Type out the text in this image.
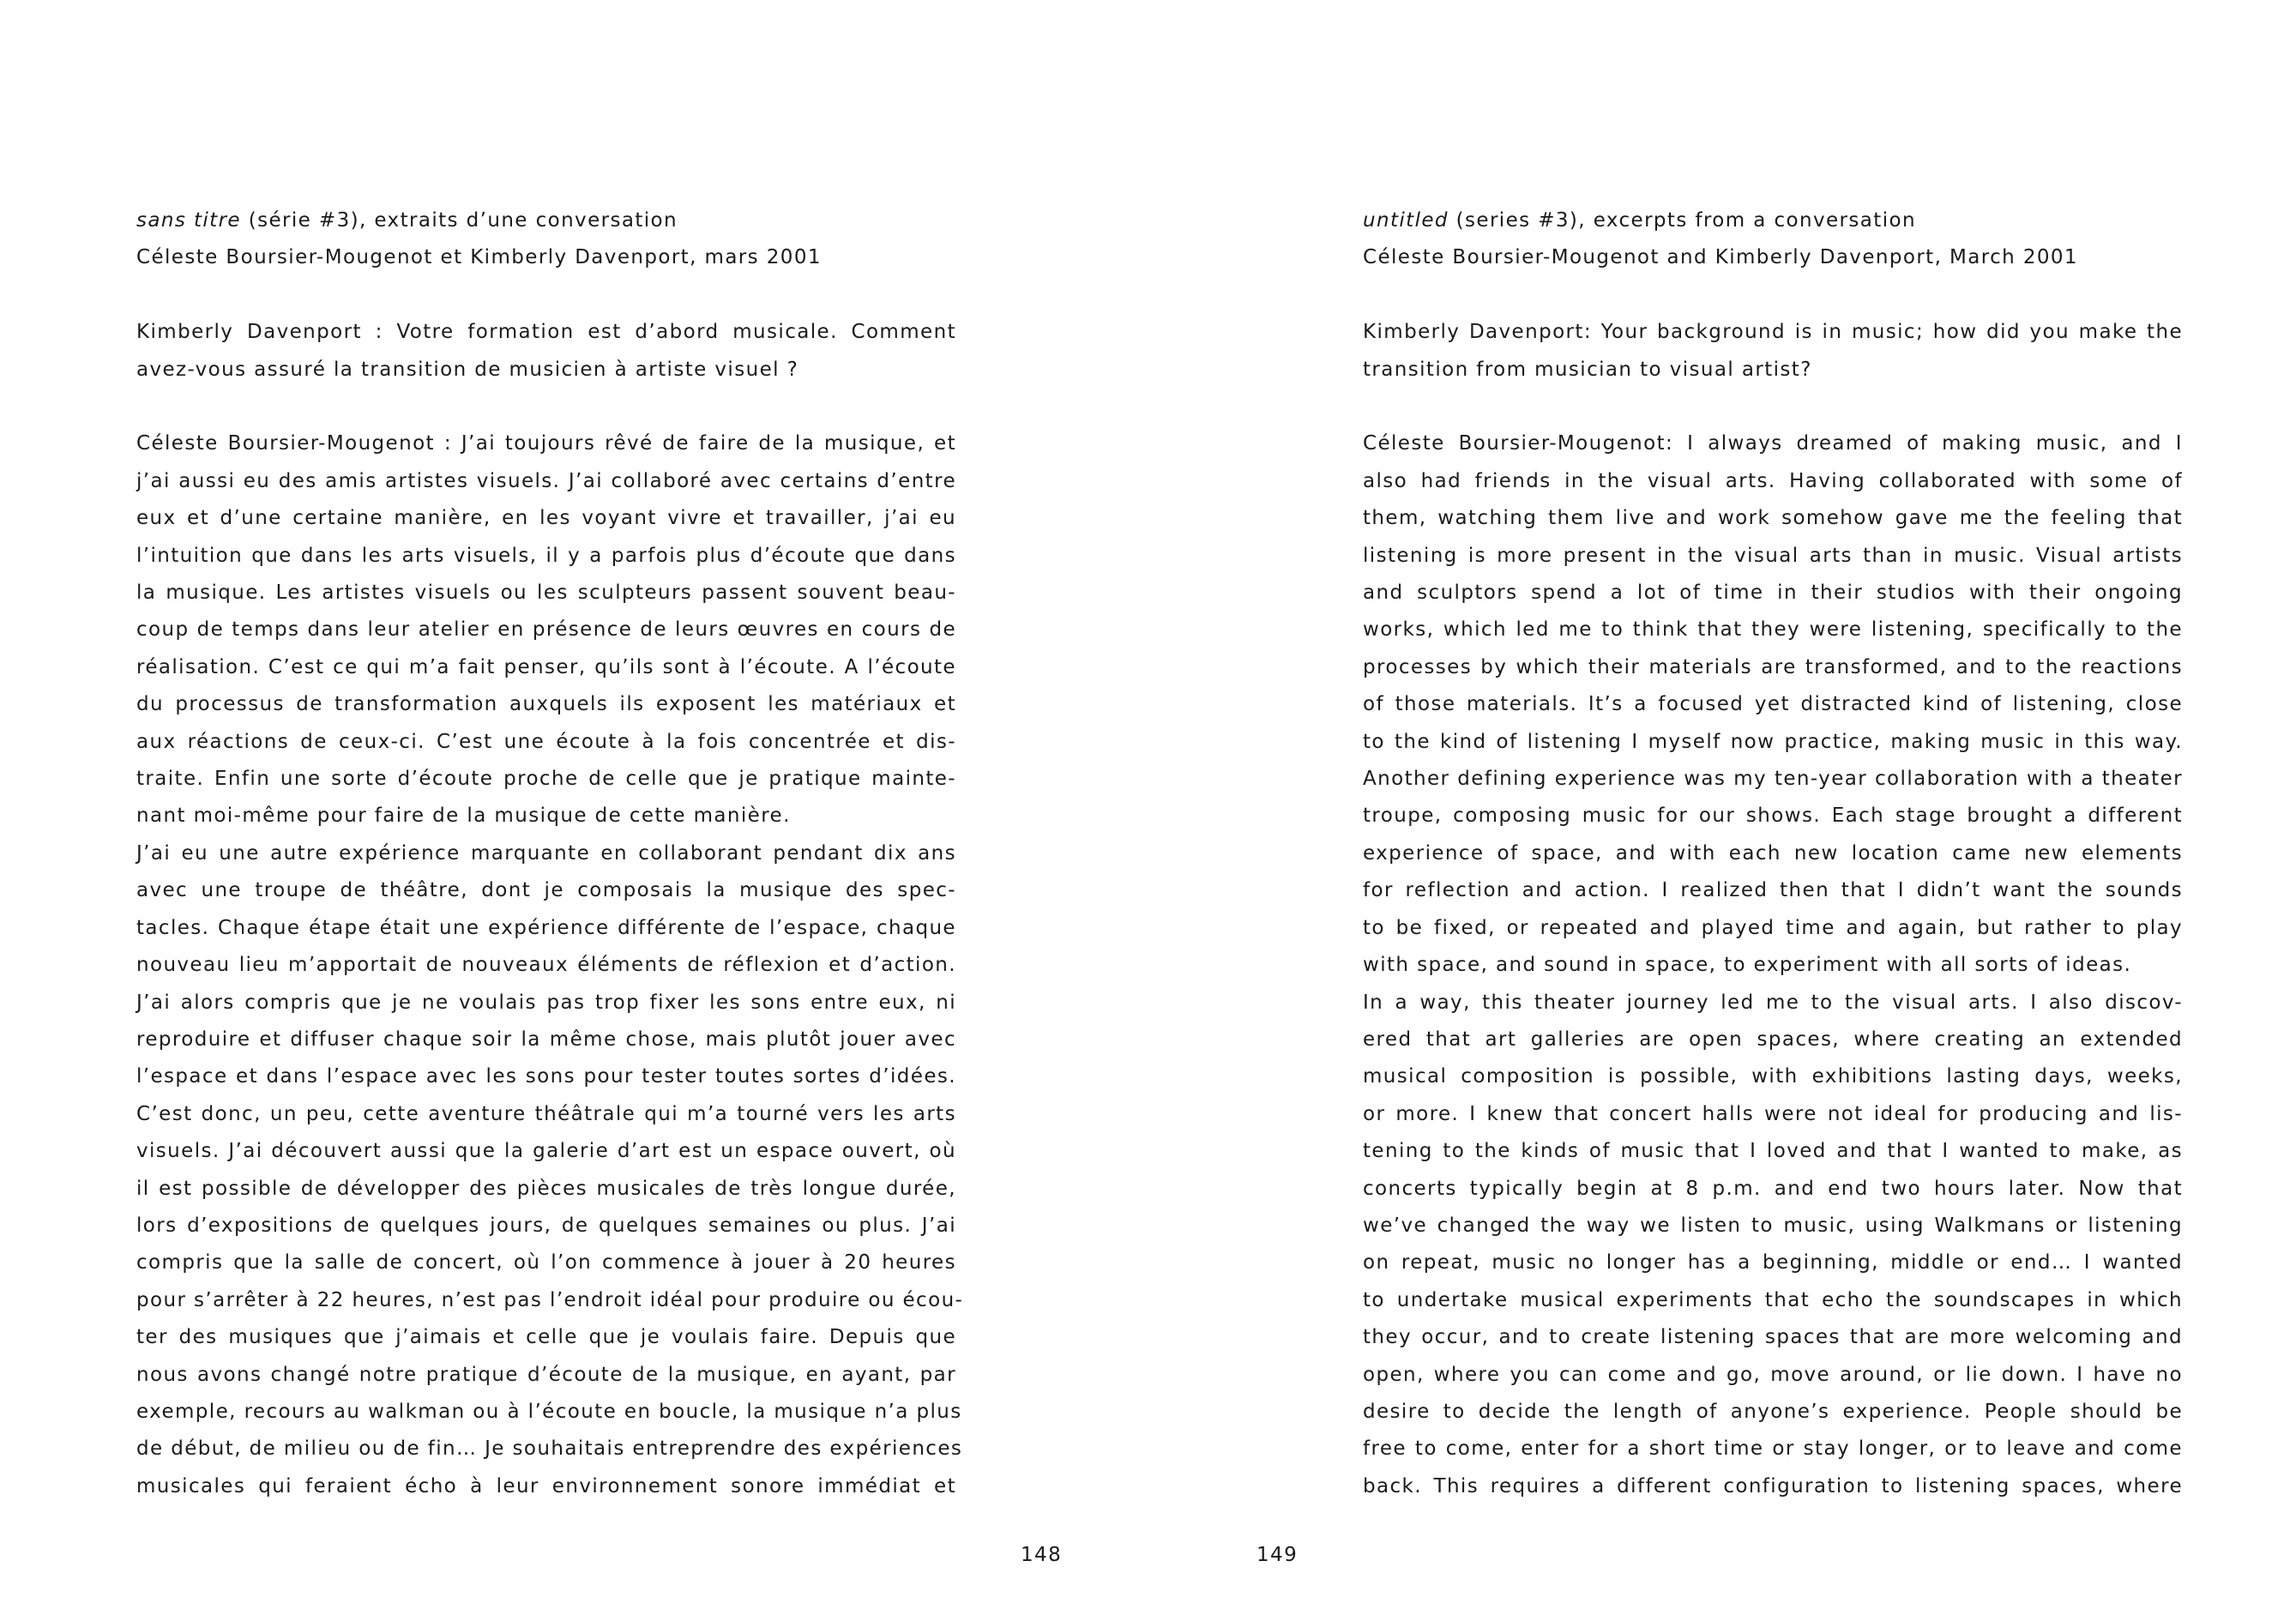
sans titre (série #3), extraits d’une conversation
Céleste Boursier-Mougenot et Kimberly Davenport, mars 2001
Kimberly Davenport : Votre formation est d’abord musicale. Comment
avez-vous assuré la transition de musicien à artiste visuel ?
Céleste Boursier-Mougenot : J’ai toujours rêvé de faire de la musique, et
j’ai aussi eu des amis artistes visuels. J’ai collaboré avec certains d’entre
eux et d’une certaine manière, en les voyant vivre et travailler, j’ai eu
l’intuition que dans les arts visuels, il y a parfois plus d’écoute que dans
la musique. Les artistes visuels ou les sculpteurs passent souvent beau-
coup de temps dans leur atelier en présence de leurs œuvres en cours de
réalisation. C’est ce qui m’a fait penser, qu’ils sont à l’écoute. A l’écoute
du processus de transformation auxquels ils exposent les matériaux et
aux réactions de ceux-ci. C’est une écoute à la fois concentrée et dis-
traite. Enfin une sorte d’écoute proche de celle que je pratique mainte-
nant moi-même pour faire de la musique de cette manière.
J’ai eu une autre expérience marquante en collaborant pendant dix ans
avec une troupe de théâtre, dont je composais la musique des spec-
tacles. Chaque étape était une expérience différente de l’espace, chaque
nouveau lieu m’apportait de nouveaux éléments de réflexion et d’action.
J’ai alors compris que je ne voulais pas trop fixer les sons entre eux, ni
reproduire et diffuser chaque soir la même chose, mais plutôt jouer avec
l’espace et dans l’espace avec les sons pour tester toutes sortes d’idées.
C’est donc, un peu, cette aventure théâtrale qui m’a tourné vers les arts
visuels. J’ai découvert aussi que la galerie d’art est un espace ouvert, où
il est possible de développer des pièces musicales de très longue durée,
lors d’expositions de quelques jours, de quelques semaines ou plus. J’ai
compris que la salle de concert, où l’on commence à jouer à 20 heures
pour s’arrêter à 22 heures, n’est pas l’endroit idéal pour produire ou écou-
ter des musiques que j’aimais et celle que je voulais faire. Depuis que
nous avons changé notre pratique d’écoute de la musique, en ayant, par
exemple, recours au walkman ou à l’écoute en boucle, la musique n’a plus
de début, de milieu ou de fin… Je souhaitais entreprendre des expériences
musicales qui feraient écho à leur environnement sonore immédiat et
148
untitled (series #3), excerpts from a conversation
Céleste Boursier-Mougenot and Kimberly Davenport, March 2001
Kimberly Davenport: Your background is in music; how did you make the
transition from musician to visual artist?
Céleste Boursier-Mougenot: I always dreamed of making music, and I
also had friends in the visual arts. Having collaborated with some of
them, watching them live and work somehow gave me the feeling that
listening is more present in the visual arts than in music. Visual artists
and sculptors spend a lot of time in their studios with their ongoing
works, which led me to think that they were listening, specifically to the
processes by which their materials are transformed, and to the reactions
of those materials. It’s a focused yet distracted kind of listening, close
to the kind of listening I myself now practice, making music in this way.
Another defining experience was my ten-year collaboration with a theater
troupe, composing music for our shows. Each stage brought a different
experience of space, and with each new location came new elements
for reflection and action. I realized then that I didn’t want the sounds
to be fixed, or repeated and played time and again, but rather to play
with space, and sound in space, to experiment with all sorts of ideas.
In a way, this theater journey led me to the visual arts. I also discov-
ered that art galleries are open spaces, where creating an extended
musical composition is possible, with exhibitions lasting days, weeks,
or more. I knew that concert halls were not ideal for producing and lis-
tening to the kinds of music that I loved and that I wanted to make, as
concerts typically begin at 8 p.m. and end two hours later. Now that
we’ve changed the way we listen to music, using Walkmans or listening
on repeat, music no longer has a beginning, middle or end… I wanted
to undertake musical experiments that echo the soundscapes in which
they occur, and to create listening spaces that are more welcoming and
open, where you can come and go, move around, or lie down. I have no
desire to decide the length of anyone’s experience. People should be
free to come, enter for a short time or stay longer, or to leave and come
back. This requires a different configuration to listening spaces, where
149
